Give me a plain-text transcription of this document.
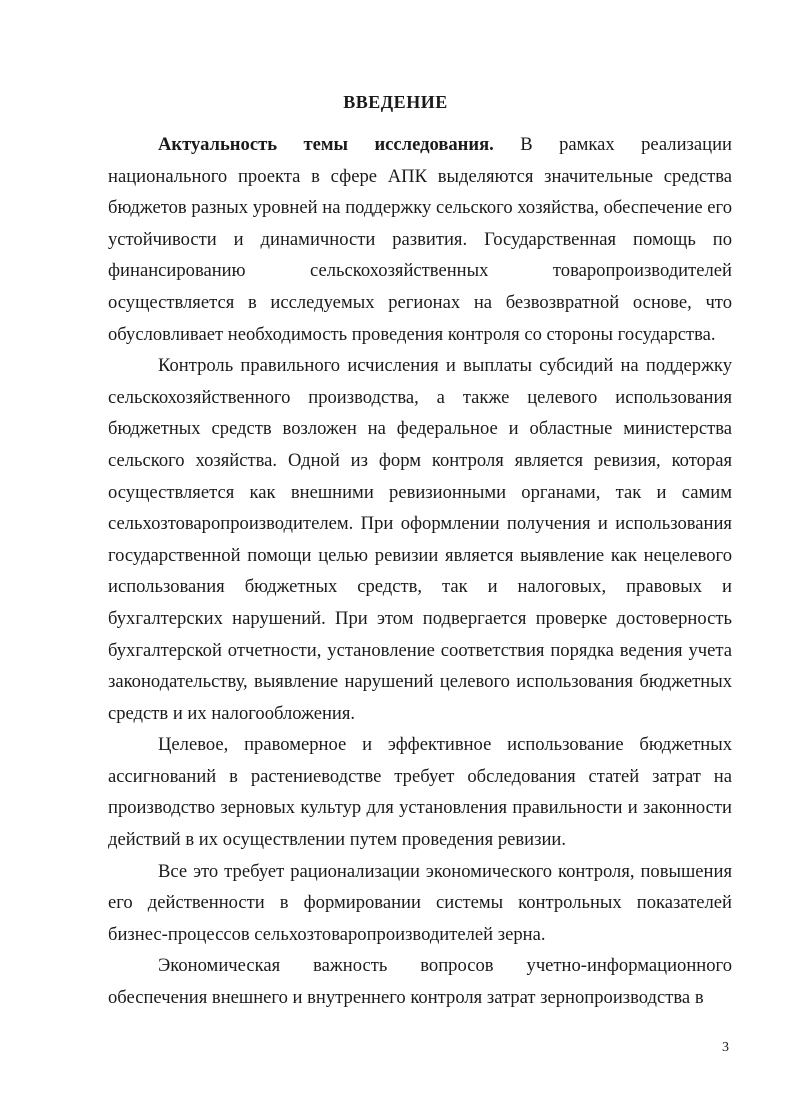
ВВЕДЕНИЕ

Актуальность темы исследования. В рамках реализации национального проекта в сфере АПК выделяются значительные средства бюджетов разных уровней на поддержку сельского хозяйства, обеспечение его устойчивости и динамичности развития. Государственная помощь по финансированию сельскохозяйственных товаропроизводителей осуществляется в исследуемых регионах на безвозвратной основе, что обусловливает необходимость проведения контроля со стороны государства.

Контроль правильного исчисления и выплаты субсидий на поддержку сельскохозяйственного производства, а также целевого использования бюджетных средств возложен на федеральное и областные министерства сельского хозяйства. Одной из форм контроля является ревизия, которая осуществляется как внешними ревизионными органами, так и самим сельхозтоваропроизводителем. При оформлении получения и использования государственной помощи целью ревизии является выявление как нецелевого использования бюджетных средств, так и налоговых, правовых и бухгалтерских нарушений. При этом подвергается проверке достоверность бухгалтерской отчетности, установление соответствия порядка ведения учета законодательству, выявление нарушений целевого использования бюджетных средств и их налогообложения.

Целевое, правомерное и эффективное использование бюджетных ассигнований в растениеводстве требует обследования статей затрат на производство зерновых культур для установления правильности и законности действий в их осуществлении путем проведения ревизии.

Все это требует рационализации экономического контроля, повышения его действенности в формировании системы контрольных показателей бизнес-процессов сельхозтоваропроизводителей зерна.

Экономическая важность вопросов учетно-информационного обеспечения внешнего и внутреннего контроля затрат зернопроизводства в

3
